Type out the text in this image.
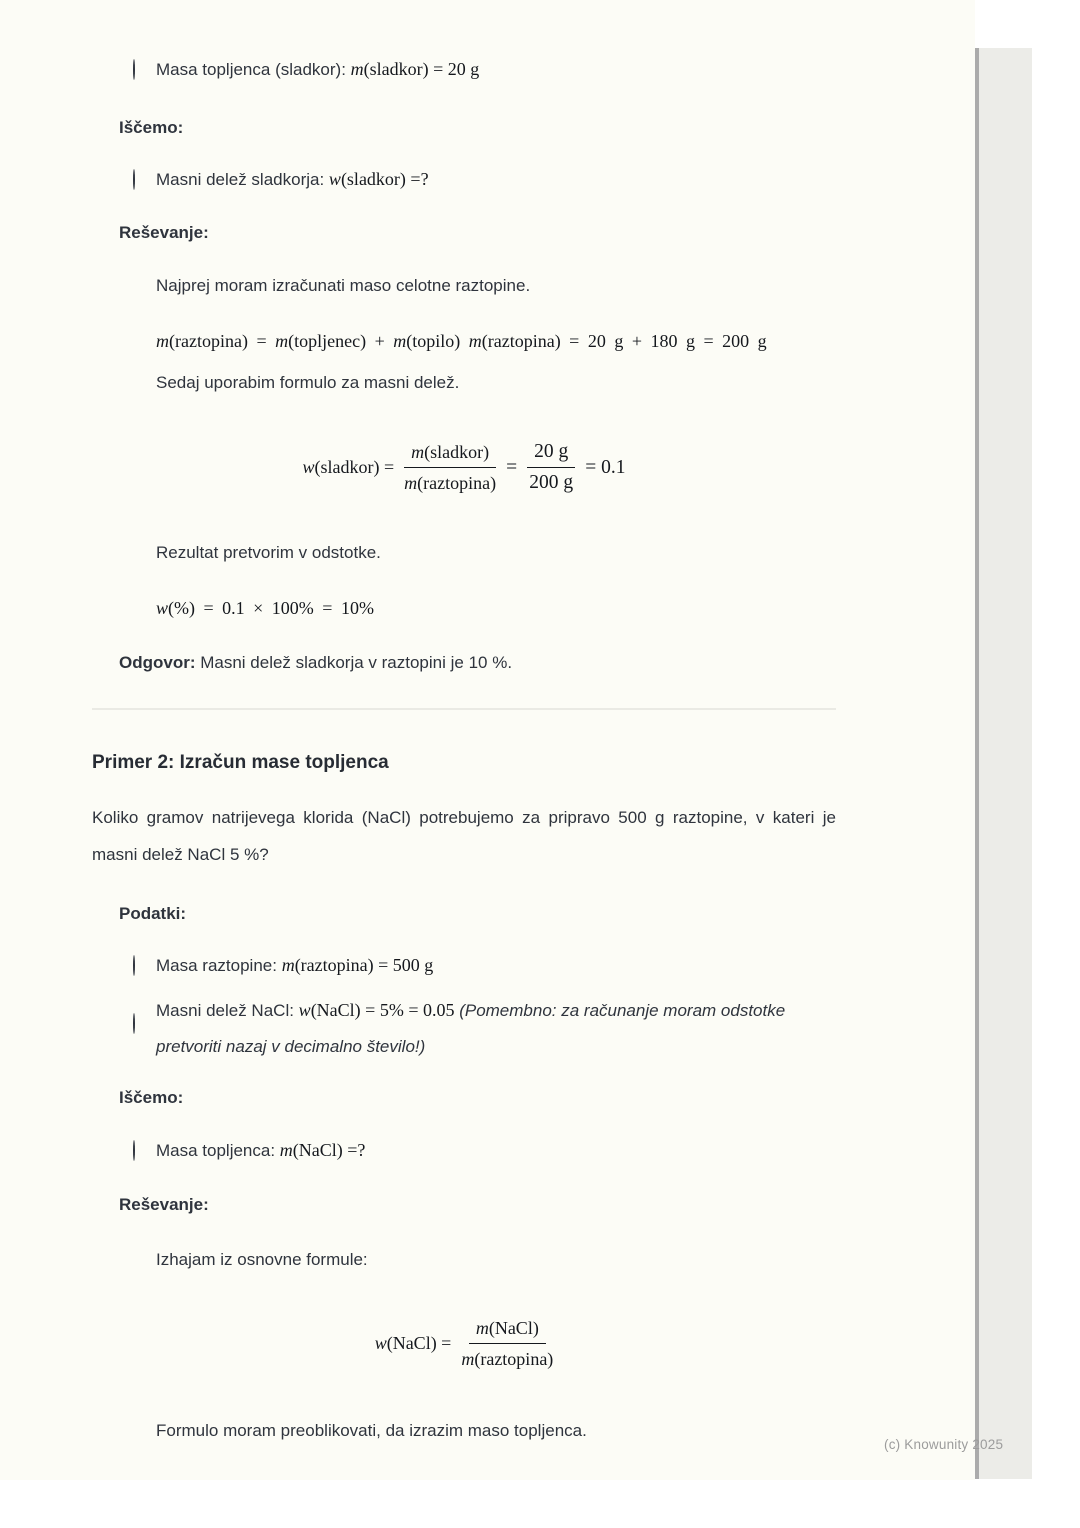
Masa topljenca (sladkor): m(sladkor) = 20 g
Iščemo:
Masni delež sladkorja: w(sladkor) =?
Reševanje:
Najprej moram izračunati maso celotne raztopine.
m(raztopina) = m(topljenec) + m(topilo) m(raztopina) = 20 g + 180 g = 200 g
Sedaj uporabim formulo za masni delež.
w(sladkor) = $\frac{\text{m(sladkor)}}{\text{m(raztopina)}} = \frac{20 g}{200 g} = 0.1$
Rezultat pretvorim v odstotke.
w(%) = 0.1 × 100% = 10%
Odgovor: Masni delež sladkorja v raztopini je 10 %.
Primer 2: Izračun mase topljenca
Koliko gramov natrijevega klorida (NaCl) potrebujemo za pripravo 500 g raztopine, v kateri je masni delež NaCl 5 %?
Podatki:
Masa raztopine: m(raztopina) = 500 g
Masni delež NaCl: w(NaCl) = 5% = 0.05 (Pomembno: za računanje moram odstotke pretvoriti nazaj v decimalno število!)
Iščemo:
Masa topljenca: m(NaCl) =?
Reševanje:
Izhajam iz osnovne formule:
w(NaCl) = $\frac{\text{m(NaCl)}}{\text{m(raztopina)}}$
Formulo moram preoblikovati, da izrazim maso topljenca.
(c) Knowunity 2025
